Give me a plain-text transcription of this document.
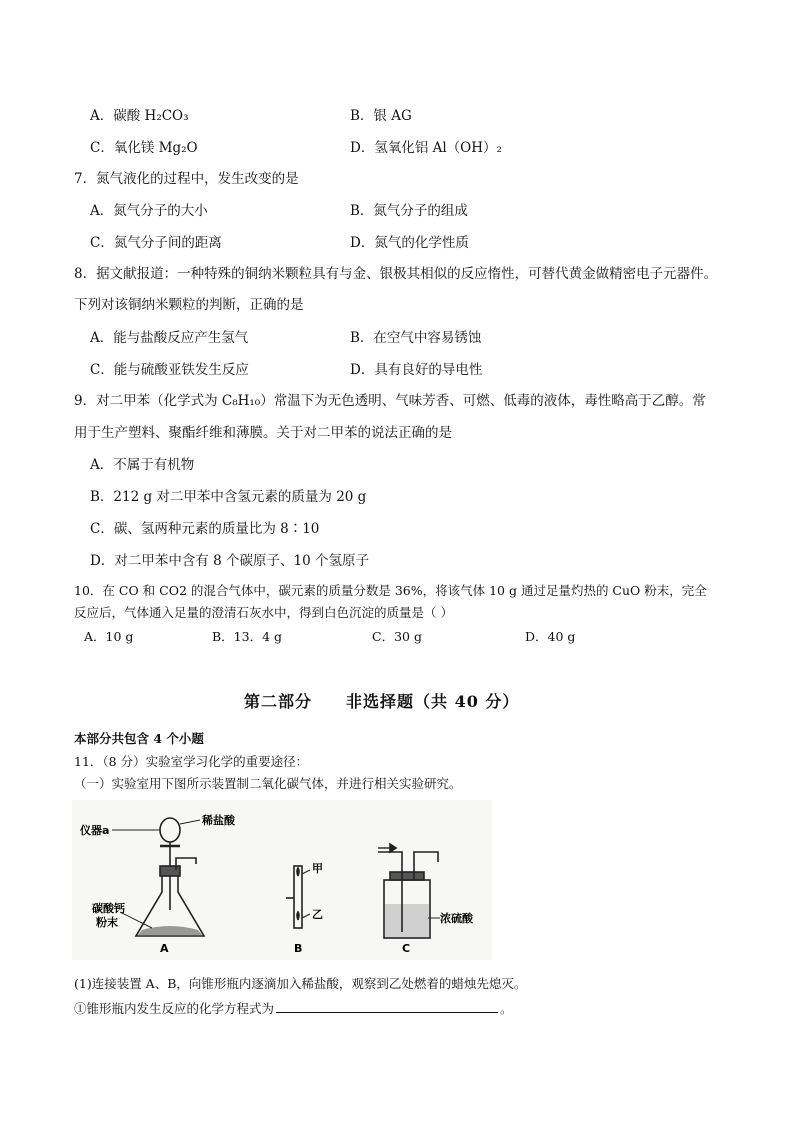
A．碳酸 H₂CO₃	B．银 AG
C．氧化镁 Mg₂O	D．氢氧化铝 Al（OH）₂
7．氮气液化的过程中，发生改变的是
A．氮气分子的大小	B．氮气分子的组成
C．氮气分子间的距离	D．氮气的化学性质
8．据文献报道：一种特殊的铜纳米颗粒具有与金、银极其相似的反应惰性，可替代黄金做精密电子元器件。
下列对该铜纳米颗粒的判断，正确的是
A．能与盐酸反应产生氢气	B．在空气中容易锈蚀
C．能与硫酸亚铁发生反应	D．具有良好的导电性
9．对二甲苯（化学式为 C₈H₁₀）常温下为无色透明、气味芳香、可燃、低毒的液体，毒性略高于乙醇。常
用于生产塑料、聚酯纤维和薄膜。关于对二甲苯的说法正确的是
A．不属于有机物
B．212 g 对二甲苯中含氢元素的质量为 20 g
C．碳、氢两种元素的质量比为 8∶10
D．对二甲苯中含有 8 个碳原子、10 个氢原子
10．在 CO 和 CO2 的混合气体中，碳元素的质量分数是 36%，将该气体 10 g 通过足量灼热的 CuO 粉末，完全
反应后，气体通入足量的澄清石灰水中，得到白色沉淀的质量是（ ）
A．10 g	B．13．4 g	C．30 g	D．40 g
第二部分　　非选择题（共 40 分）
本部分共包含 4 个小题
11．（8 分）实验室学习化学的重要途径：
（一）实验室用下图所示装置制二氧化碳气体，并进行相关实验研究。
仪器a
稀盐酸
碳酸钙
粉末
A
甲
乙
B
浓硫酸
C
(1)连接装置 A、B，向锥形瓶内逐滴加入稀盐酸，观察到乙处燃着的蜡烛先熄灭。
①锥形瓶内发生反应的化学方程式为	。
